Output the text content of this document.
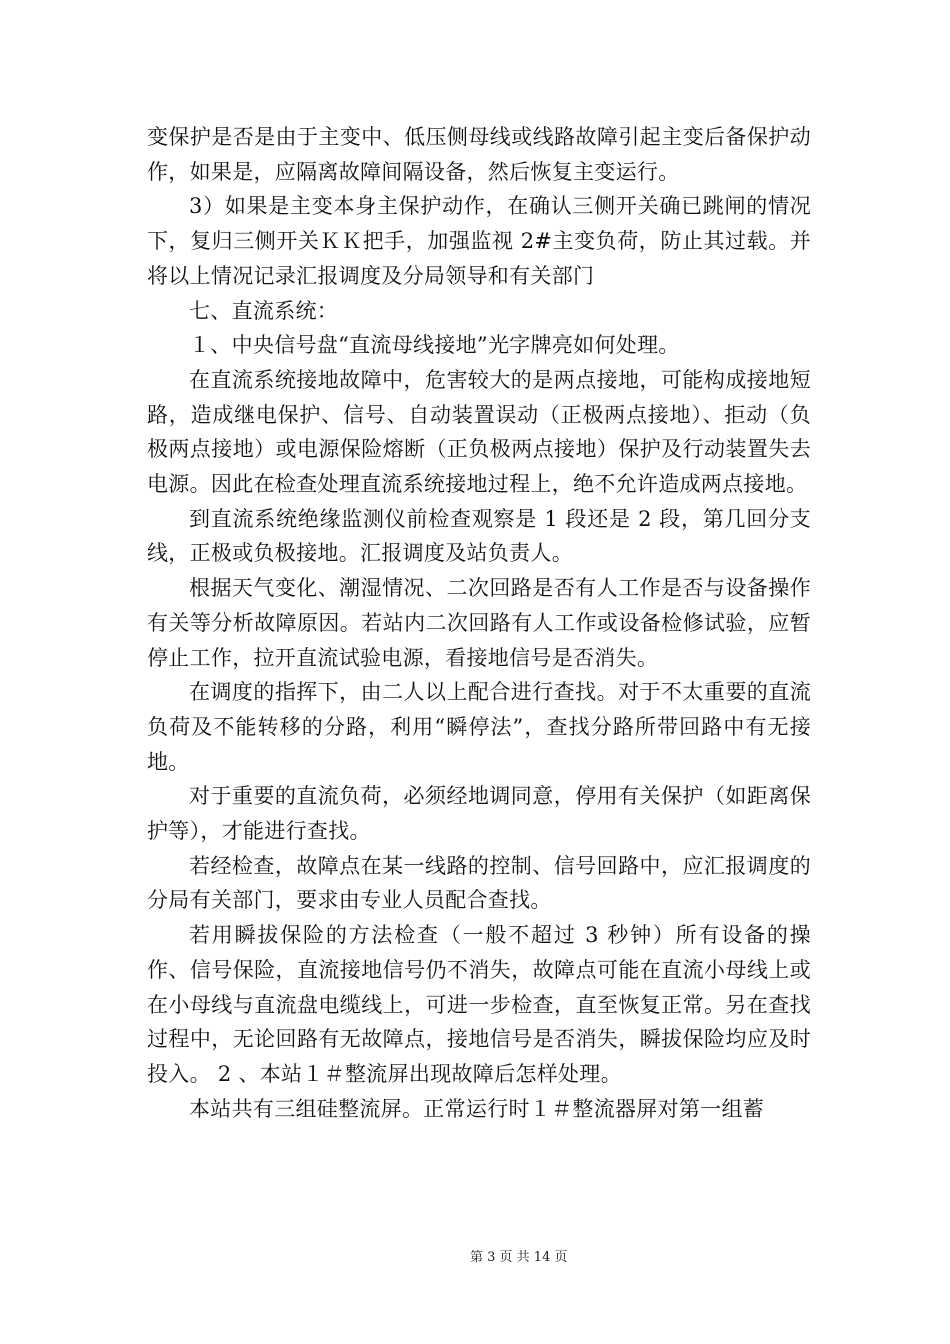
变保护是否是由于主变中、低压侧母线或线路故障引起主变后备保护动作，如果是，应隔离故障间隔设备，然后恢复主变运行。

3）如果是主变本身主保护动作，在确认三侧开关确已跳闸的情况下，复归三侧开关ＫＫ把手，加强监视 2#主变负荷，防止其过载。并将以上情况记录汇报调度及分局领导和有关部门

七、直流系统：

１、中央信号盘“直流母线接地”光字牌亮如何处理。

在直流系统接地故障中，危害较大的是两点接地，可能构成接地短路，造成继电保护、信号、自动装置误动（正极两点接地）、拒动（负极两点接地）或电源保险熔断（正负极两点接地）保护及行动装置失去电源。因此在检查处理直流系统接地过程上，绝不允许造成两点接地。

到直流系统绝缘监测仪前检查观察是 1 段还是 2 段，第几回分支线，正极或负极接地。汇报调度及站负责人。

根据天气变化、潮湿情况、二次回路是否有人工作是否与设备操作有关等分析故障原因。若站内二次回路有人工作或设备检修试验，应暂停止工作，拉开直流试验电源，看接地信号是否消失。

在调度的指挥下，由二人以上配合进行查找。对于不太重要的直流负荷及不能转移的分路，利用“瞬停法”，查找分路所带回路中有无接地。

对于重要的直流负荷，必须经地调同意，停用有关保护（如距离保护等），才能进行查找。

若经检查，故障点在某一线路的控制、信号回路中，应汇报调度的分局有关部门，要求由专业人员配合查找。

若用瞬拔保险的方法检查（一般不超过 3 秒钟）所有设备的操作、信号保险，直流接地信号仍不消失，故障点可能在直流小母线上或在小母线与直流盘电缆线上，可进一步检查，直至恢复正常。另在查找过程中，无论回路有无故障点，接地信号是否消失，瞬拔保险均应及时投入。 2 、本站１＃整流屏出现故障后怎样处理。

本站共有三组硅整流屏。正常运行时１＃整流器屏对第一组蓄

第 3 页 共 14 页
